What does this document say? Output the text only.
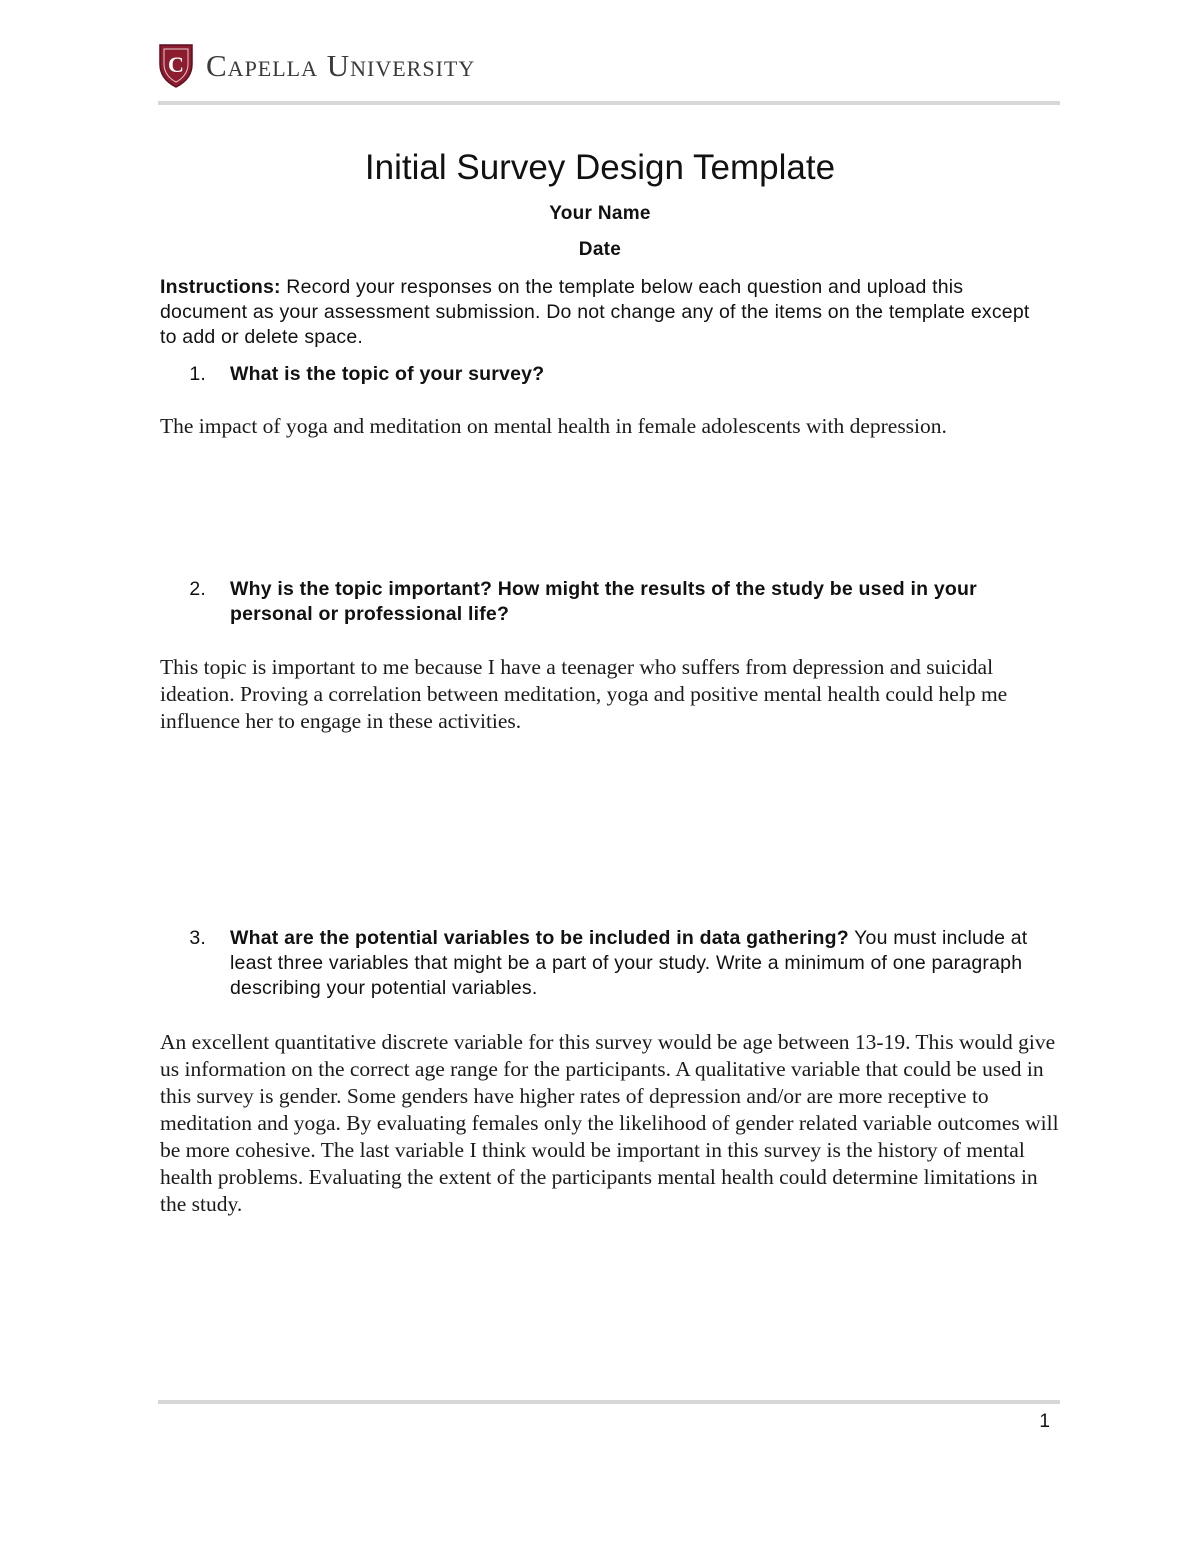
C Capella University
Initial Survey Design Template
Your Name
Date

Instructions: Record your responses on the template below each question and upload this document as your assessment submission. Do not change any of the items on the template except to add or delete space.

1.	What is the topic of your survey?

The impact of yoga and meditation on mental health in female adolescents with depression.

2.	Why is the topic important? How might the results of the study be used in your personal or professional life?

This topic is important to me because I have a teenager who suffers from depression and suicidal ideation. Proving a correlation between meditation, yoga and positive mental health could help me influence her to engage in these activities.

3.	What are the potential variables to be included in data gathering? You must include at least three variables that might be a part of your study. Write a minimum of one paragraph describing your potential variables.

An excellent quantitative discrete variable for this survey would be age between 13-19. This would give us information on the correct age range for the participants. A qualitative variable that could be used in this survey is gender. Some genders have higher rates of depression and/or are more receptive to meditation and yoga. By evaluating females only the likelihood of gender related variable outcomes will be more cohesive. The last variable I think would be important in this survey is the history of mental health problems. Evaluating the extent of the participants mental health could determine limitations in the study.

1
